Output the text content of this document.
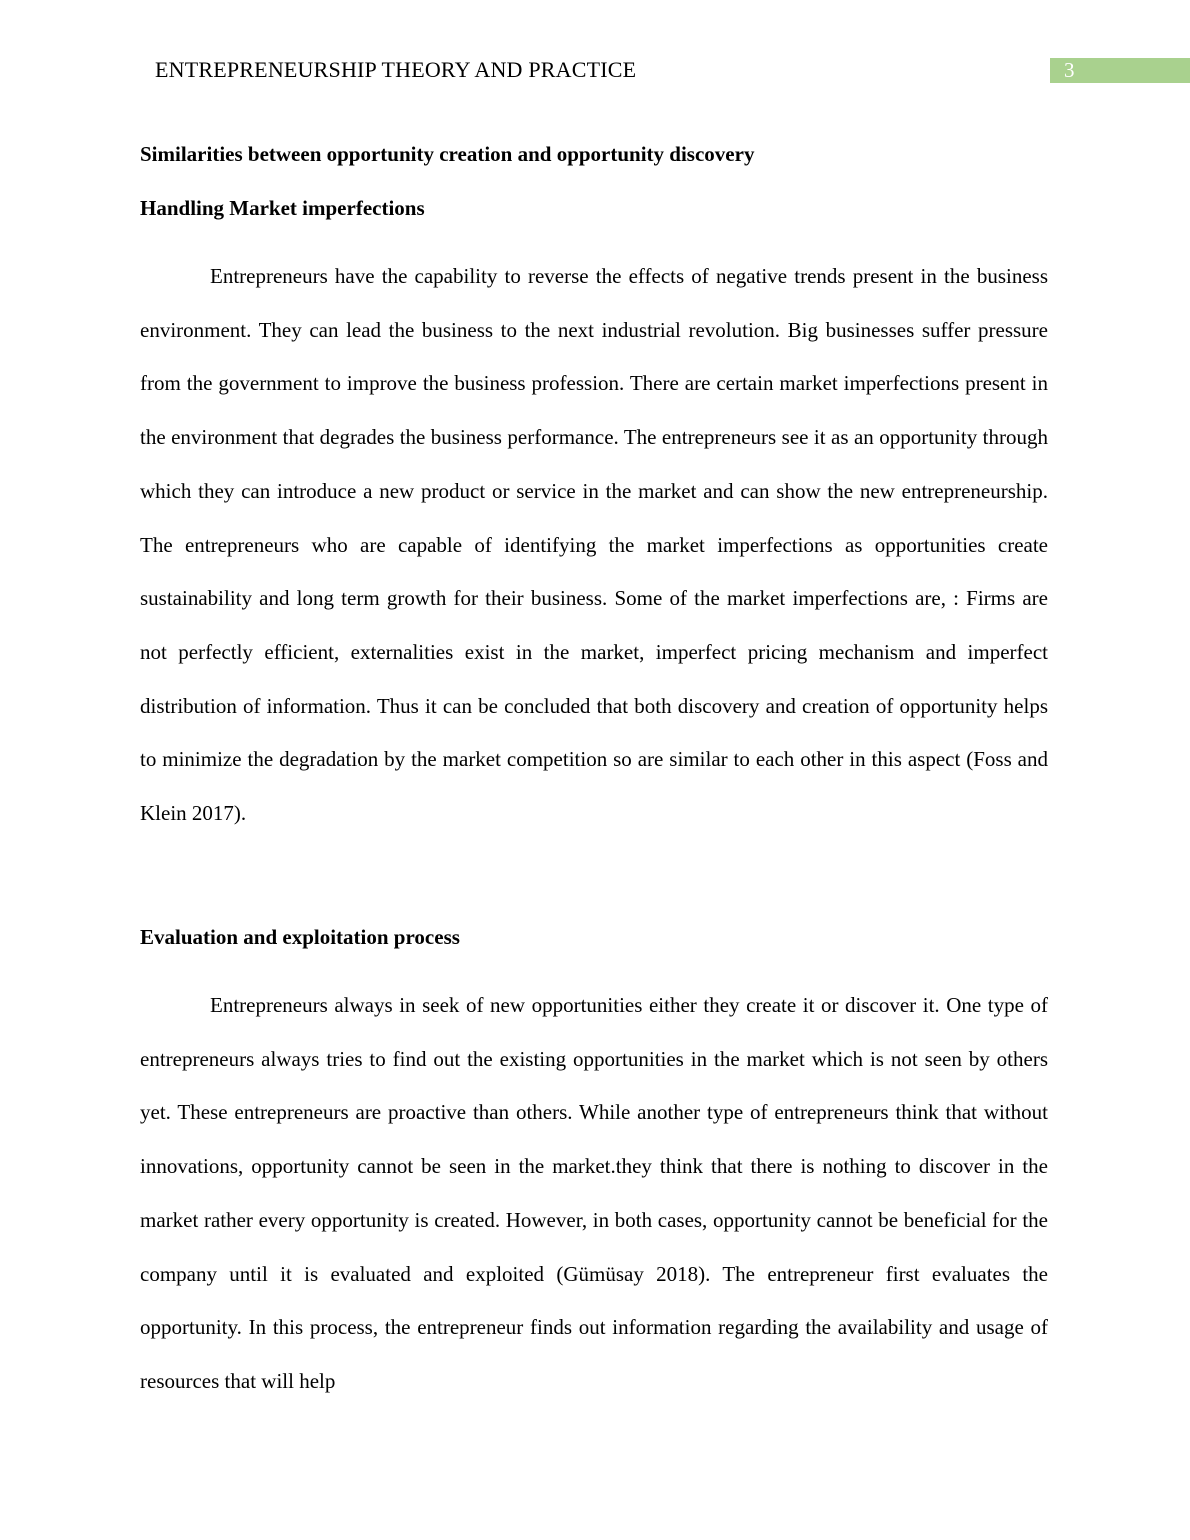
ENTREPRENEURSHIP THEORY AND PRACTICE	3
Similarities between opportunity creation and opportunity discovery
Handling Market imperfections

Entrepreneurs have the capability to reverse the effects of negative trends present in the business environment. They can lead the business to the next industrial revolution. Big businesses suffer pressure from the government to improve the business profession. There are certain market imperfections present in the environment that degrades the business performance. The entrepreneurs see it as an opportunity through which they can introduce a new product or service in the market and can show the new entrepreneurship. The entrepreneurs who are capable of identifying the market imperfections as opportunities create sustainability and long term growth for their business. Some of the market imperfections are, : Firms are not perfectly efficient, externalities exist in the market, imperfect pricing mechanism and imperfect distribution of information. Thus it can be concluded that both discovery and creation of opportunity helps to minimize the degradation by the market competition so are similar to each other in this aspect (Foss and Klein 2017).

Evaluation and exploitation process

Entrepreneurs always in seek of new opportunities either they create it or discover it. One type of entrepreneurs always tries to find out the existing opportunities in the market which is not seen by others yet. These entrepreneurs are proactive than others. While another type of entrepreneurs think that without innovations, opportunity cannot be seen in the market.they think that there is nothing to discover in the market rather every opportunity is created. However, in both cases, opportunity cannot be beneficial for the company until it is evaluated and exploited (Gümüsay 2018). The entrepreneur first evaluates the opportunity. In this process, the entrepreneur finds out information regarding the availability and usage of resources that will help
